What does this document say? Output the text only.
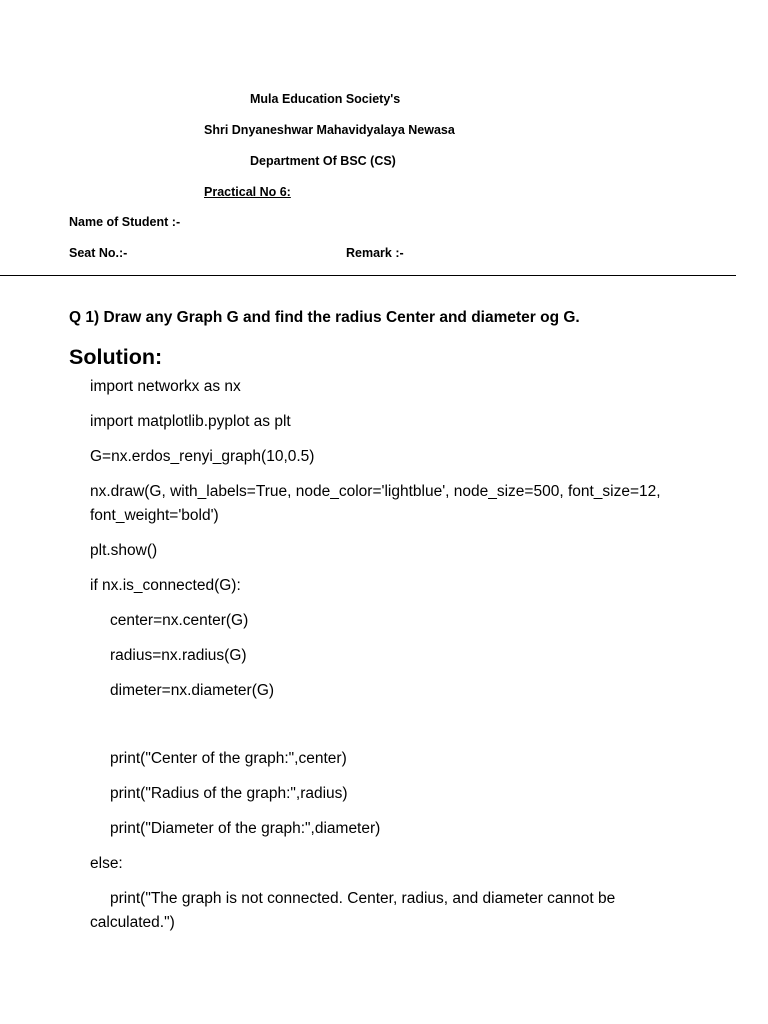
Mula Education Society's
Shri Dnyaneshwar Mahavidyalaya Newasa
Department Of BSC (CS)
Practical No 6:
Name of Student :-
Seat No.:-	Remark :-
Q 1) Draw any Graph G and find the radius Center and diameter og G.
Solution:
import networkx as nx
import matplotlib.pyplot as plt
G=nx.erdos_renyi_graph(10,0.5)
nx.draw(G, with_labels=True, node_color='lightblue', node_size=500, font_size=12, font_weight='bold')
plt.show()
if nx.is_connected(G):
center=nx.center(G)
radius=nx.radius(G)
dimeter=nx.diameter(G)
print("Center of the graph:",center)
print("Radius of the graph:",radius)
print("Diameter of the graph:",diameter)
else:
print("The graph is not connected. Center, radius, and diameter cannot be calculated.")
